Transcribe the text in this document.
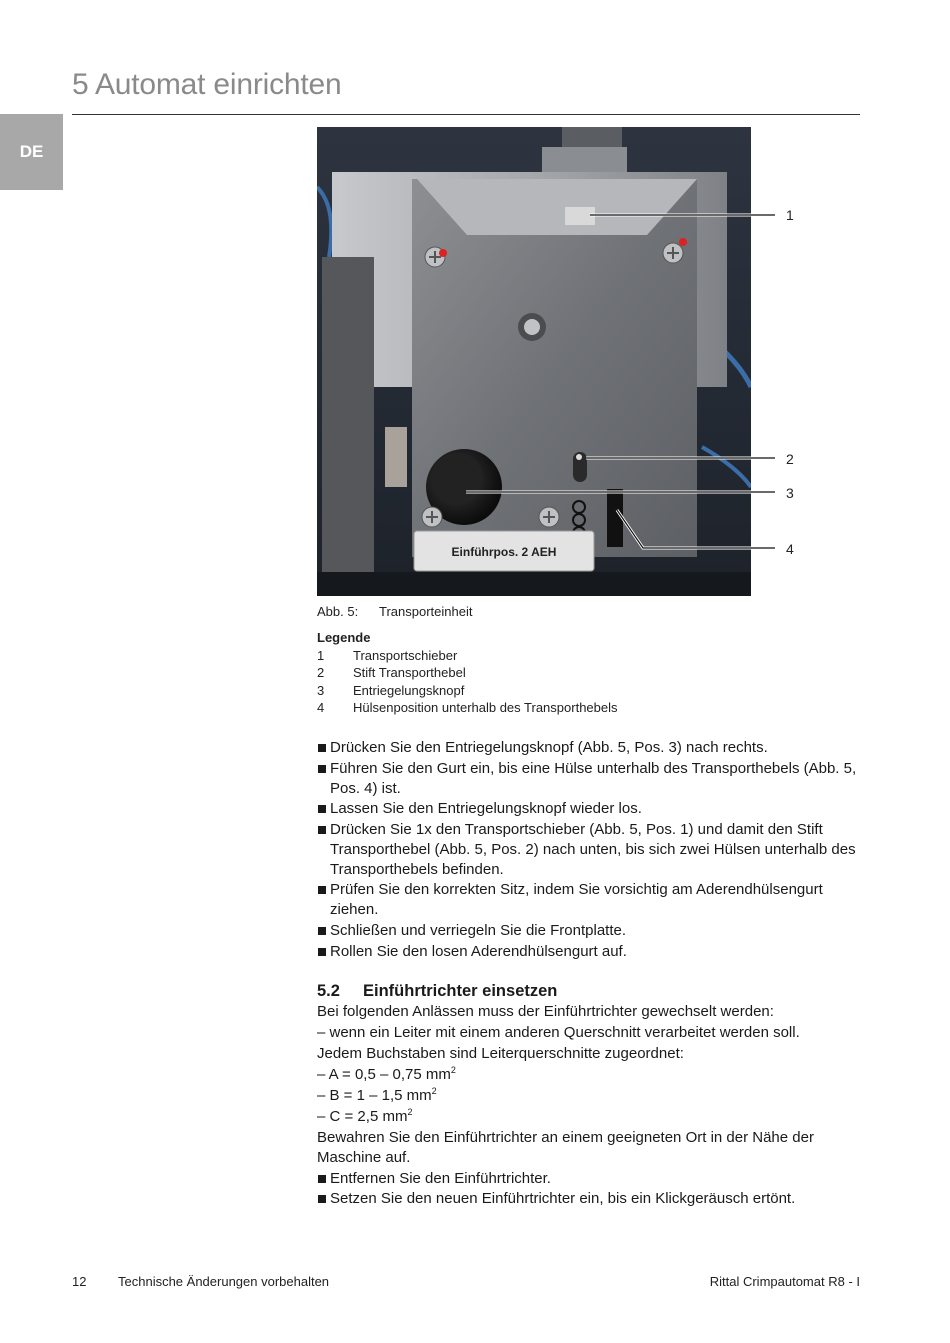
5 Automat einrichten
DE
Einführpos. 2 AEH
1
2
3
4
Abb. 5: Transporteinheit
Legende
1 Transportschieber
2 Stift Transporthebel
3 Entriegelungsknopf
4 Hülsenposition unterhalb des Transporthebels
Drücken Sie den Entriegelungsknopf (Abb. 5, Pos. 3) nach rechts.
Führen Sie den Gurt ein, bis eine Hülse unterhalb des Transporthebels (Abb. 5, Pos. 4) ist.
Lassen Sie den Entriegelungsknopf wieder los.
Drücken Sie 1x den Transportschieber (Abb. 5, Pos. 1) und damit den Stift Transporthebel (Abb. 5, Pos. 2) nach unten, bis sich zwei Hülsen unterhalb des Transporthebels befinden.
Prüfen Sie den korrekten Sitz, indem Sie vorsichtig am Aderendhülsengurt ziehen.
Schließen und verriegeln Sie die Frontplatte.
Rollen Sie den losen Aderendhülsengurt auf.
5.2 Einführtrichter einsetzen

Bei folgenden Anlässen muss der Einführtrichter gewechselt werden:

– wenn ein Leiter mit einem anderen Querschnitt verarbeitet werden soll.

Jedem Buchstaben sind Leiterquerschnitte zugeordnet:

– A = 0,5 – 0,75 $mm^2$

– B = 1 – 1,5 $mm^2$

– C = 2,5 $mm^2$

Bewahren Sie den Einführtrichter an einem geeigneten Ort in der Nähe der Maschine auf.

Entfernen Sie den Einführtrichter.
Setzen Sie den neuen Einführtrichter ein, bis ein Klickgeräusch ertönt.
12 Technische Änderungen vorbehalten	Rittal Crimpautomat R8 - I
